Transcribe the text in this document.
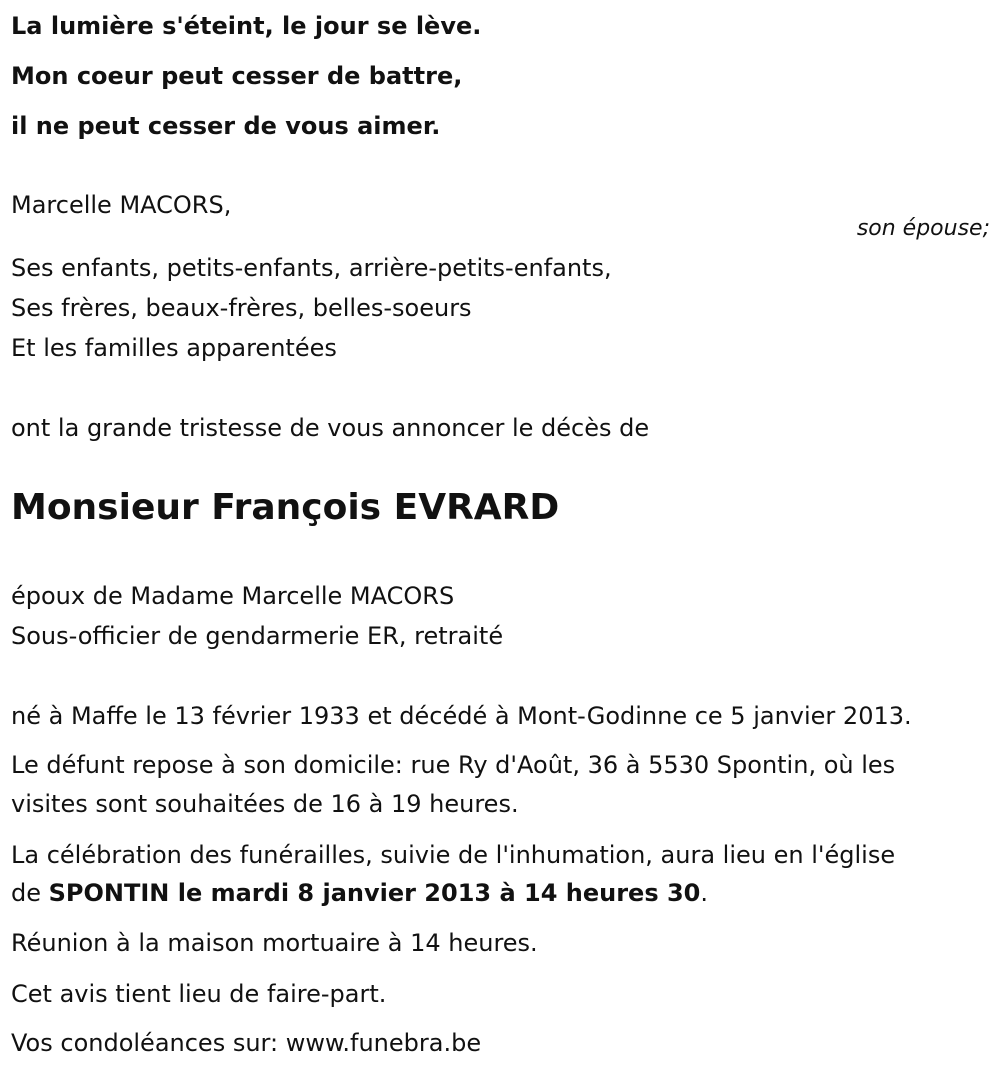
La lumière s'éteint, le jour se lève.

Mon coeur peut cesser de battre,

il ne peut cesser de vous aimer.

Marcelle MACORS,

son épouse;

Ses enfants, petits-enfants, arrière-petits-enfants,

Ses frères, beaux-frères, belles-soeurs

Et les familles apparentées

ont la grande tristesse de vous annoncer le décès de

Monsieur François EVRARD

époux de Madame Marcelle MACORS

Sous-officier de gendarmerie ER, retraité

né à Maffe le 13 février 1933 et décédé à Mont-Godinne ce 5 janvier 2013.

Le défunt repose à son domicile: rue Ry d'Août, 36 à 5530 Spontin, où les

visites sont souhaitées de 16 à 19 heures.

La célébration des funérailles, suivie de l'inhumation, aura lieu en l'église

de SPONTIN le mardi 8 janvier 2013 à 14 heures 30.

Réunion à la maison mortuaire à 14 heures.

Cet avis tient lieu de faire-part.

Vos condoléances sur: www.funebra.be
